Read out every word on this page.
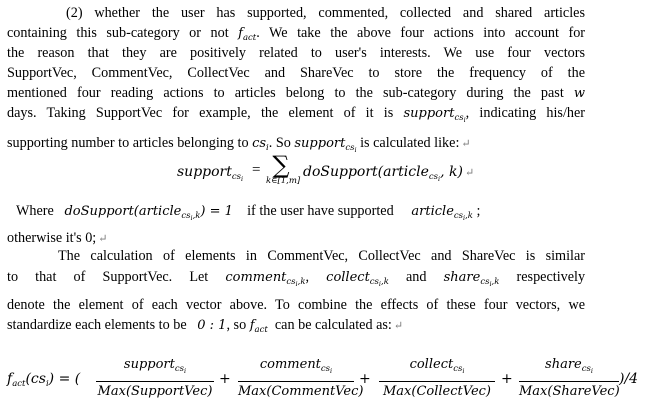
(2) whether the user has supported, commented, collected and shared articles
containing this sub-category or not $f_{act}$. We take the above four actions into account for
the reason that they are positively related to user's interests. We use four vectors
SupportVec, CommentVec, CollectVec and ShareVec to store the frequency of the
mentioned four reading actions to articles belong to the sub-category during the past w
days. Taking SupportVec for example, the element of it is support$_{cs_i}$, indicating his/her
supporting number to articles belonging to $cs_i$. So support$_{cs_i}$ is calculated like: ↵
support$_{cs_i}$
= ∑
k∈[1,m]
doSupport(article$_{cs_i}$, k) ↵
Where doSupport(article$_{cs_i,k}$) = 1 if the user have supported article$_{cs_i,k}$ ;
otherwise it's 0; ↵
The calculation of elements in CommentVec, CollectVec and ShareVec is similar
to that of SupportVec. Let comment$_{cs_i,k}$, collect$_{cs_i,k}$ and share$_{cs_i,k}$ respectively
denote the element of each vector above. To combine the effects of these four vectors, we
standardize each elements to be 0 : 1, so $f_{act}$ can be calculated as: ↵
$f_{act}(cs_i)$ = (
support$_{cs_i}$
Max(SupportVec)
+
comment$_{cs_i}$
Max(CommentVec)
+
collect$_{cs_i}$
Max(CollectVec)
+
share$_{cs_i}$
Max(ShareVec)
)/4
